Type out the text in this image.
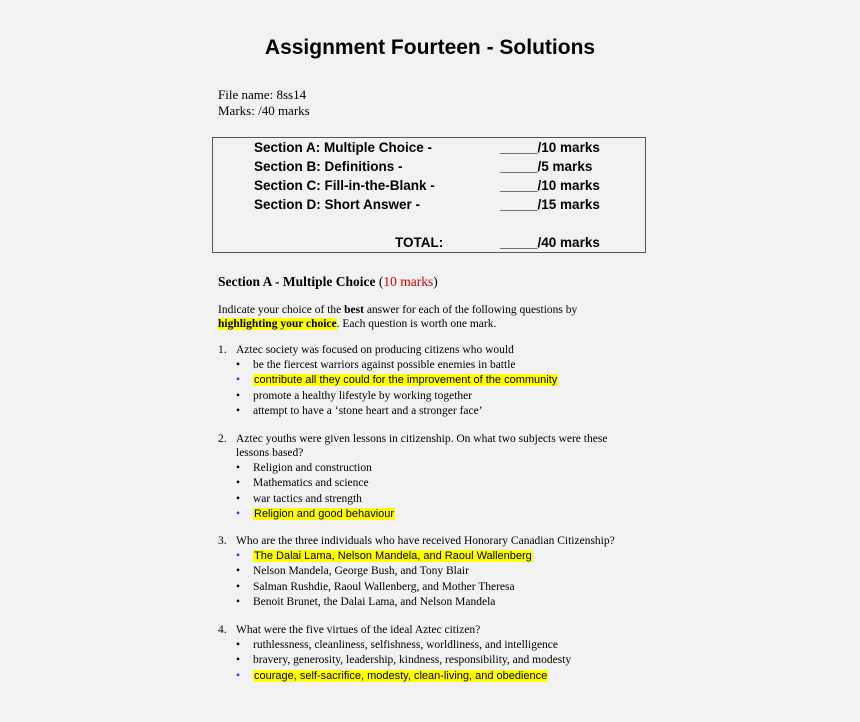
Assignment Fourteen - Solutions
File name: 8ss14
Marks: /40 marks
Section A: Multiple Choice -	_____/10 marks
Section B: Definitions -	_____/5 marks
Section C: Fill-in-the-Blank -	_____/10 marks
Section D: Short Answer -	_____/15 marks
TOTAL:	_____/40 marks
Section A - Multiple Choice (10 marks)
Indicate your choice of the best answer for each of the following questions by highlighting your choice. Each question is worth one mark.
1. Aztec society was focused on producing citizens who would
• be the fiercest warriors against possible enemies in battle
• contribute all they could for the improvement of the community
• promote a healthy lifestyle by working together
• attempt to have a ‘stone heart and a stronger face’
2. Aztec youths were given lessons in citizenship. On what two subjects were these lessons based?
• Religion and construction
• Mathematics and science
• war tactics and strength
• Religion and good behaviour
3. Who are the three individuals who have received Honorary Canadian Citizenship?
• The Dalai Lama, Nelson Mandela, and Raoul Wallenberg
• Nelson Mandela, George Bush, and Tony Blair
• Salman Rushdie, Raoul Wallenberg, and Mother Theresa
• Benoit Brunet, the Dalai Lama, and Nelson Mandela
4. What were the five virtues of the ideal Aztec citizen?
• ruthlessness, cleanliness, selfishness, worldliness, and intelligence
• bravery, generosity, leadership, kindness, responsibility, and modesty
• courage, self-sacrifice, modesty, clean-living, and obedience
